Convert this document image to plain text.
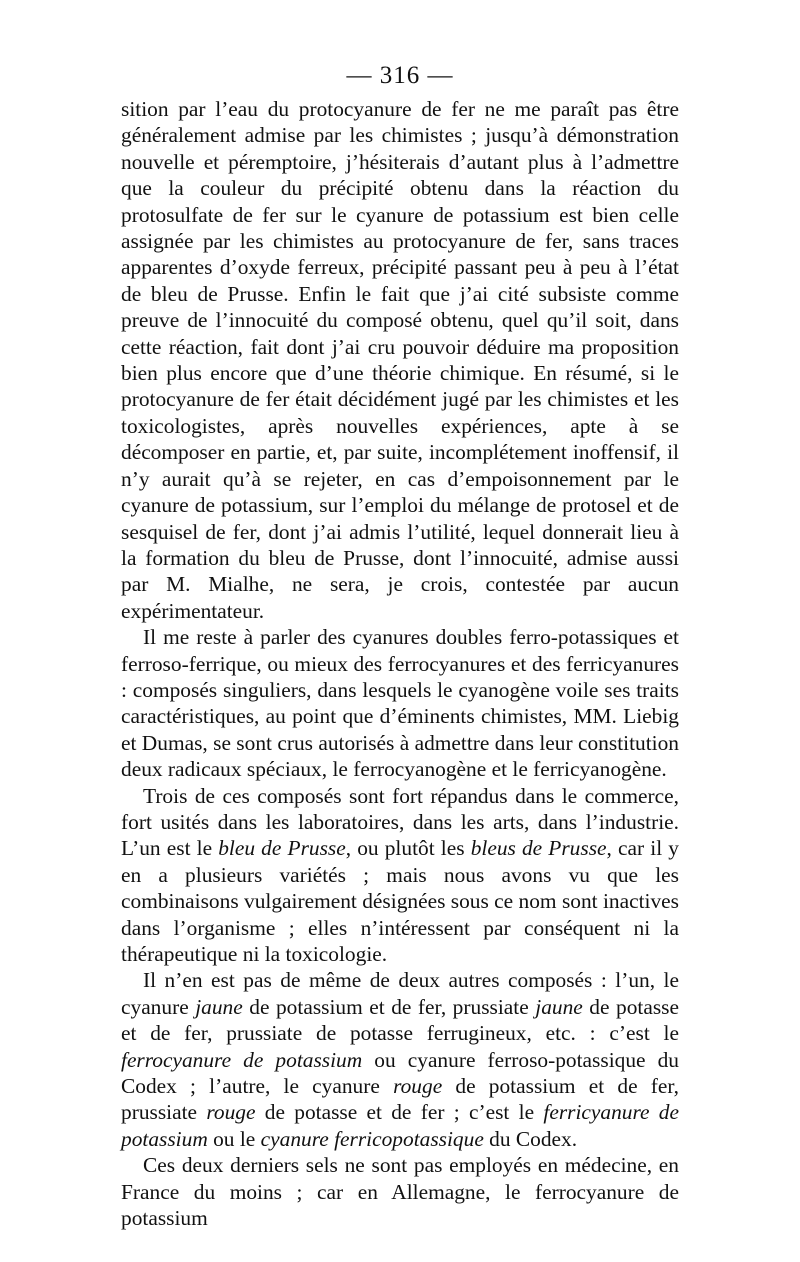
— 316 —

sition par l’eau du protocyanure de fer ne me paraît pas être généralement admise par les chimistes ; jusqu’à démonstration nouvelle et péremptoire, j’hésiterais d’autant plus à l’admettre que la couleur du précipité obtenu dans la réaction du protosulfate de fer sur le cyanure de potassium est bien celle assignée par les chimistes au protocyanure de fer, sans traces apparentes d’oxyde ferreux, précipité passant peu à peu à l’état de bleu de Prusse. Enfin le fait que j’ai cité subsiste comme preuve de l’innocuité du composé obtenu, quel qu’il soit, dans cette réaction, fait dont j’ai cru pouvoir déduire ma proposition bien plus encore que d’une théorie chimique. En résumé, si le protocyanure de fer était décidément jugé par les chimistes et les toxicologistes, après nouvelles expériences, apte à se décomposer en partie, et, par suite, incomplétement inoffensif, il n’y aurait qu’à se rejeter, en cas d’empoisonnement par le cyanure de potassium, sur l’emploi du mélange de protosel et de sesquisel de fer, dont j’ai admis l’utilité, lequel donnerait lieu à la formation du bleu de Prusse, dont l’innocuité, admise aussi par M. Mialhe, ne sera, je crois, contestée par aucun expérimentateur.

Il me reste à parler des cyanures doubles ferro-potassiques et ferroso-ferrique, ou mieux des ferrocyanures et des ferricyanures : composés singuliers, dans lesquels le cyanogène voile ses traits caractéristiques, au point que d’éminents chimistes, MM. Liebig et Dumas, se sont crus autorisés à admettre dans leur constitution deux radicaux spéciaux, le ferrocyanogène et le ferricyanogène.

Trois de ces composés sont fort répandus dans le commerce, fort usités dans les laboratoires, dans les arts, dans l’industrie. L’un est le bleu de Prusse, ou plutôt les bleus de Prusse, car il y en a plusieurs variétés ; mais nous avons vu que les combinaisons vulgairement désignées sous ce nom sont inactives dans l’organisme ; elles n’intéressent par conséquent ni la thérapeutique ni la toxicologie.

Il n’en est pas de même de deux autres composés : l’un, le cyanure jaune de potassium et de fer, prussiate jaune de potasse et de fer, prussiate de potasse ferrugineux, etc. : c’est le ferrocyanure de potassium ou cyanure ferroso-potassique du Codex ; l’autre, le cyanure rouge de potassium et de fer, prussiate rouge de potasse et de fer ; c’est le ferricyanure de potassium ou le cyanure ferricopotassique du Codex.

Ces deux derniers sels ne sont pas employés en médecine, en France du moins ; car en Allemagne, le ferrocyanure de potassium
